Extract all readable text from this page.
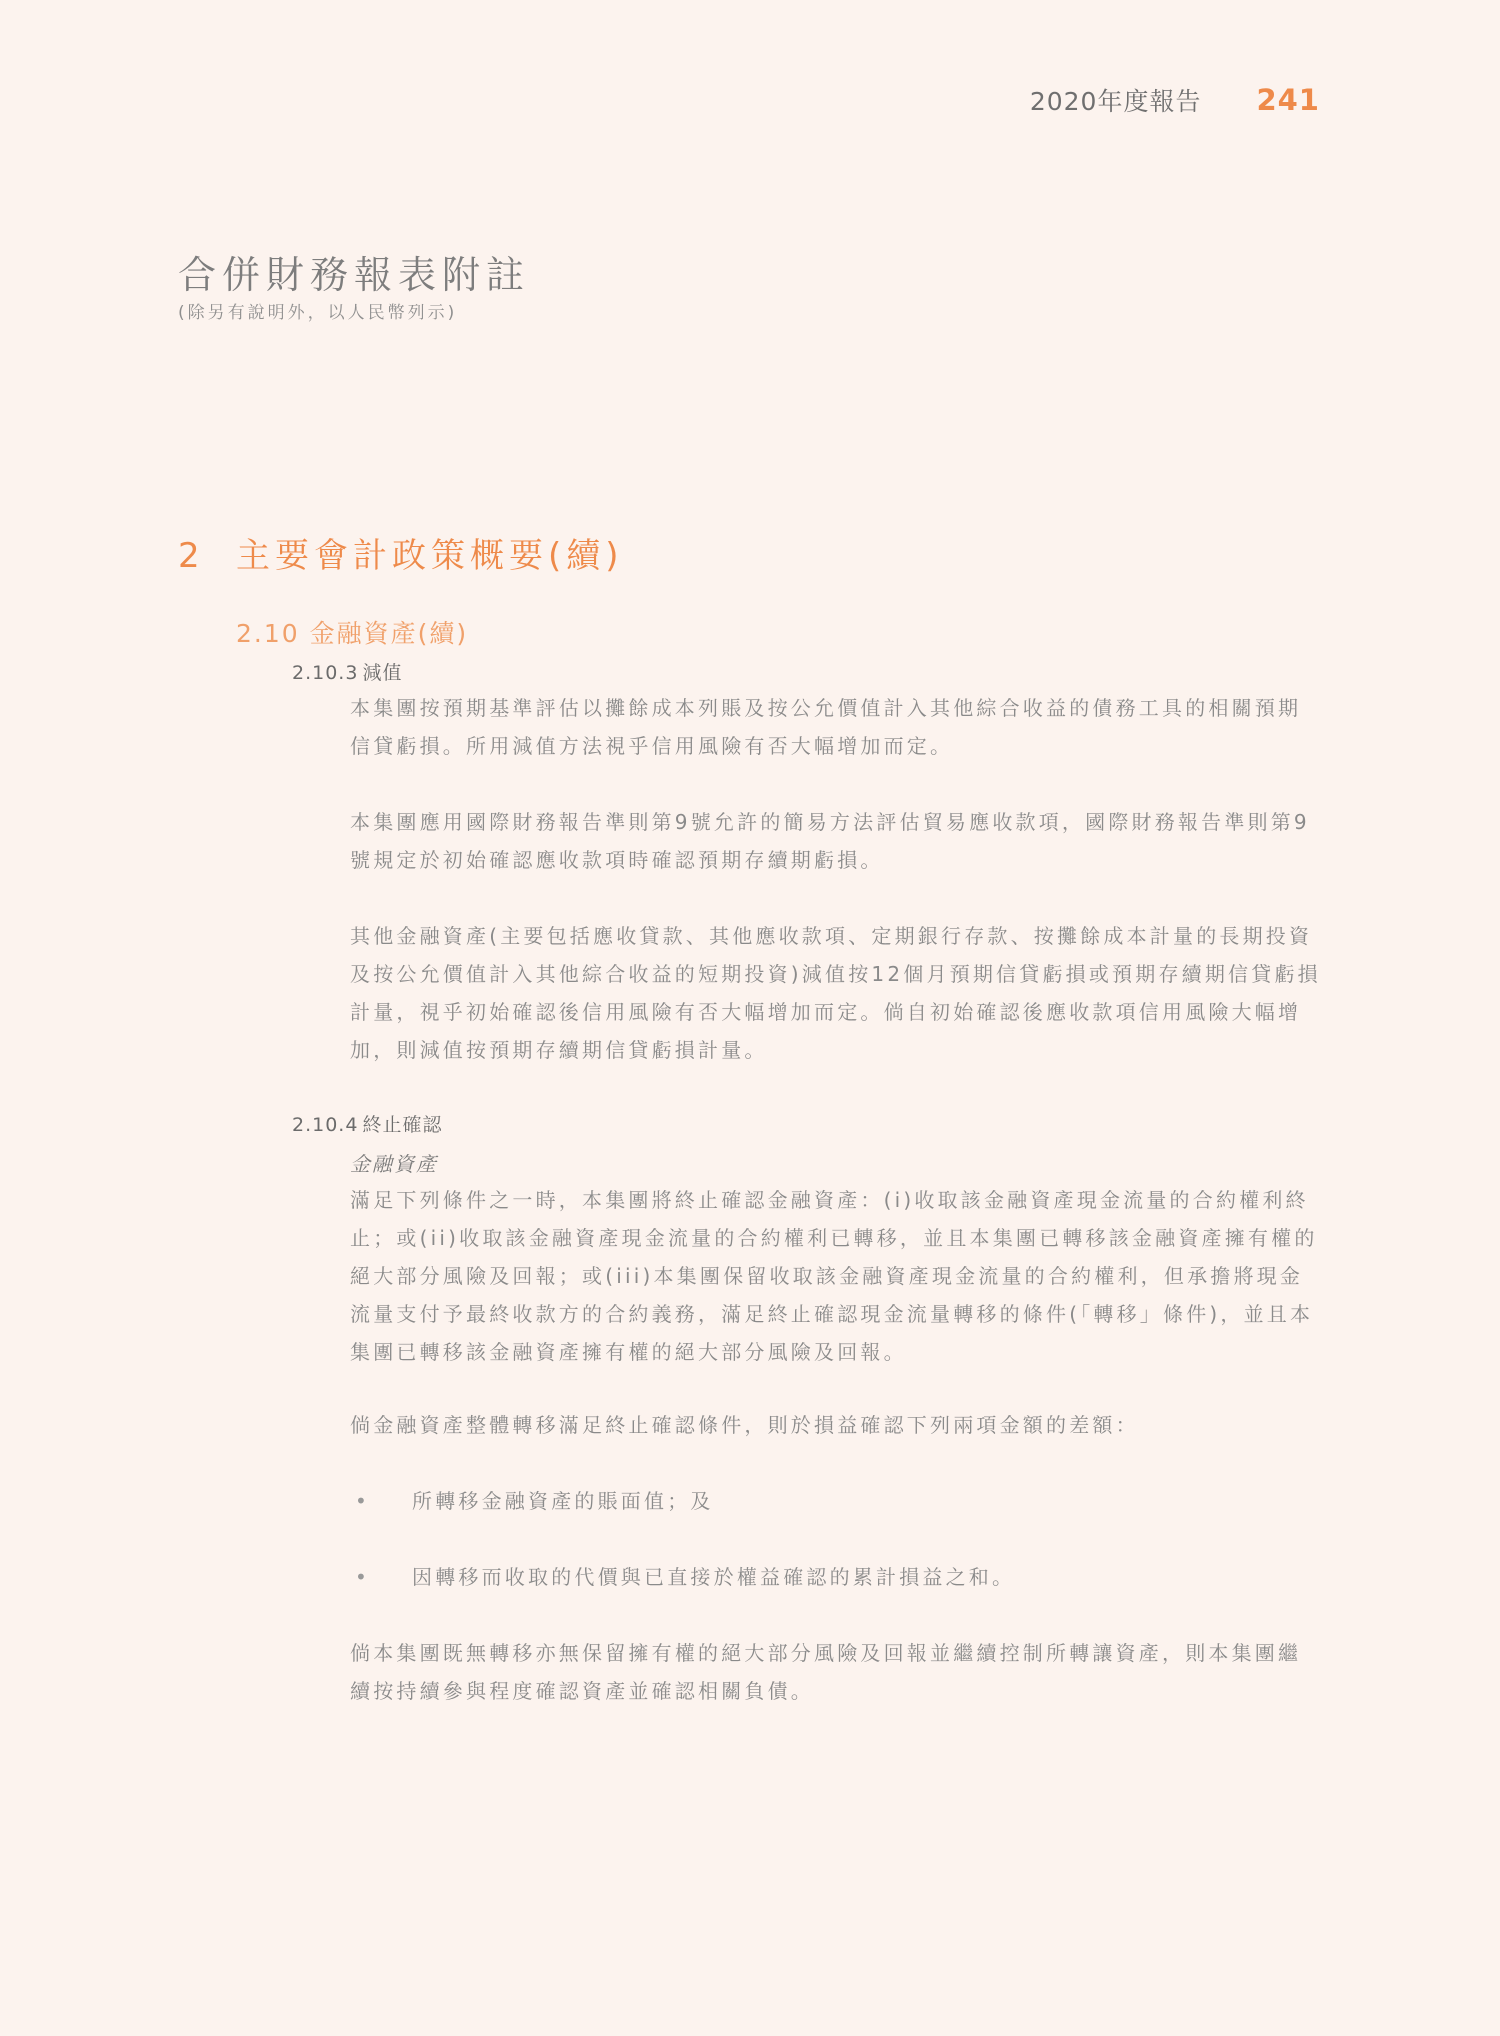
2020年度報告 241
合併財務報表附註
(除另有說明外，以人民幣列示)
2 主要會計政策概要(續)
2.10 金融資產(續)
2.10.3 減值

本集團按預期基準評估以攤餘成本列賬及按公允價值計入其他綜合收益的債務工具的相關預期信貸虧損。所用減值方法視乎信用風險有否大幅增加而定。

本集團應用國際財務報告準則第9號允許的簡易方法評估貿易應收款項，國際財務報告準則第9號規定於初始確認應收款項時確認預期存續期虧損。

其他金融資產(主要包括應收貸款、其他應收款項、定期銀行存款、按攤餘成本計量的長期投資及按公允價值計入其他綜合收益的短期投資)減值按12個月預期信貸虧損或預期存續期信貸虧損計量，視乎初始確認後信用風險有否大幅增加而定。倘自初始確認後應收款項信用風險大幅增加，則減值按預期存續期信貸虧損計量。

2.10.4 終止確認
金融資產

滿足下列條件之一時，本集團將終止確認金融資產：(i)收取該金融資產現金流量的合約權利終止；或(ii)收取該金融資產現金流量的合約權利已轉移，並且本集團已轉移該金融資產擁有權的絕大部分風險及回報；或(iii)本集團保留收取該金融資產現金流量的合約權利，但承擔將現金流量支付予最終收款方的合約義務，滿足終止確認現金流量轉移的條件(「轉移」條件)，並且本集團已轉移該金融資產擁有權的絕大部分風險及回報。

倘金融資產整體轉移滿足終止確認條件，則於損益確認下列兩項金額的差額：

•	所轉移金融資產的賬面值；及
•	因轉移而收取的代價與已直接於權益確認的累計損益之和。

倘本集團既無轉移亦無保留擁有權的絕大部分風險及回報並繼續控制所轉讓資產，則本集團繼續按持續參與程度確認資產並確認相關負債。
